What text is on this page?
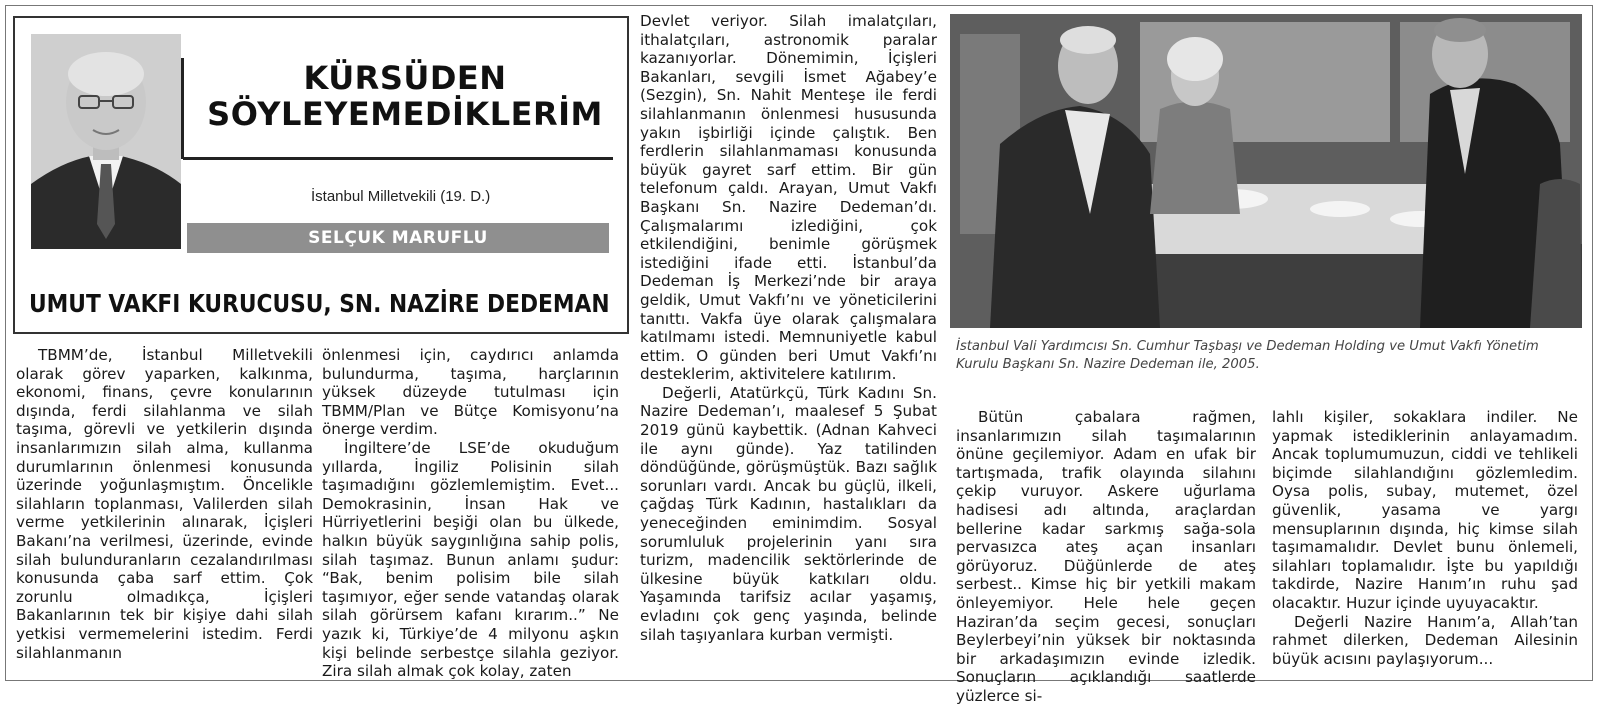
KÜRSÜDEN
SÖYLEYEMEDİKLERİM
İstanbul Milletvekili (19. D.)
SELÇUK MARUFLU
UMUT VAKFI KURUCUSU, SN. NAZİRE DEDEMAN
İstanbul Vali Yardımcısı Sn. Cumhur Taşbaşı ve Dedeman Holding ve Umut Vakfı Yönetim Kurulu Başkanı Sn. Nazire Dedeman ile, 2005.

TBMM’de, İstanbul Milletvekili olarak görev yaparken, kalkınma, ekonomi, finans, çevre konularının dışında, ferdi silahlanma ve silah taşıma, görevli ve yetkilerin dışında insanlarımızın silah alma, kullanma durumlarının önlenmesi konusunda üzerinde yoğunlaşmıştım. Öncelikle silahların toplanması, Valilerden silah verme yetkilerinin alınarak, İçişleri Bakanı’na verilmesi, üzerinde, evinde silah bulunduranların cezalandırılması konusunda çaba sarf ettim. Çok zorunlu olmadıkça, İçişleri Bakanlarının tek bir kişiye dahi silah yetkisi vermemelerini istedim. Ferdi silahlanmanın

önlenmesi için, caydırıcı anlamda bulundurma, taşıma, harçlarının yüksek düzeyde tutulması için TBMM/Plan ve Bütçe Komisyonu’na önerge verdim.

İngiltere’de LSE’de okuduğum yıllarda, İngiliz Polisinin silah taşımadığını gözlemlemiştim. Evet... Demokrasinin, İnsan Hak ve Hürriyetlerini beşiği olan bu ülkede, halkın büyük saygınlığına sahip polis, silah taşımaz. Bunun anlamı şudur: “Bak, benim polisim bile silah taşımıyor, eğer sende vatandaş olarak silah görürsem kafanı kırarım..” Ne yazık ki, Türkiye’de 4 milyonu aşkın kişi belinde serbestçe silahla geziyor. Zira silah almak çok kolay, zaten

Devlet veriyor. Silah imalatçıları, ithalatçıları, astronomik paralar kazanıyorlar. Dönemimin, İçişleri Bakanları, sevgili İsmet Ağabey’e (Sezgin), Sn. Nahit Menteşe ile ferdi silahlanmanın önlenmesi hususunda yakın işbirliği içinde çalıştık. Ben ferdlerin silahlanmaması konusunda büyük gayret sarf ettim. Bir gün telefonum çaldı. Arayan, Umut Vakfı Başkanı Sn. Nazire Dedeman’dı. Çalışmalarımı izlediğini, çok etkilendiğini, benimle görüşmek istediğini ifade etti. İstanbul’da Dedeman İş Merkezi’nde bir araya geldik, Umut Vakfı’nı ve yöneticilerini tanıttı. Vakfa üye olarak çalışmalara katılmamı istedi. Memnuniyetle kabul ettim. O günden beri Umut Vakfı’nı desteklerim, aktivitelere katılırım.

Değerli, Atatürkçü, Türk Kadını Sn. Nazire Dedeman’ı, maalesef 5 Şubat 2019 günü kaybettik. (Adnan Kahveci ile aynı günde). Yaz tatilinden döndüğünde, görüşmüştük. Bazı sağlık sorunları vardı. Ancak bu güçlü, ilkeli, çağdaş Türk Kadının, hastalıkları da yeneceğinden eminimdim. Sosyal sorumluluk projelerinin yanı sıra turizm, madencilik sektörlerinde de ülkesine büyük katkıları oldu. Yaşamında tarifsiz acılar yaşamış, evladını çok genç yaşında, belinde silah taşıyanlara kurban vermişti.

Bütün çabalara rağmen, insanlarımızın silah taşımalarının önüne geçilemiyor. Adam en ufak bir tartışmada, trafik olayında silahını çekip vuruyor. Askere uğurlama hadisesi adı altında, araçlardan bellerine kadar sarkmış sağa-sola pervasızca ateş açan insanları görüyoruz. Düğünlerde de ateş serbest.. Kimse hiç bir yetkili makam önleyemiyor. Hele hele geçen Haziran’da seçim gecesi, sonuçları Beylerbeyi’nin yüksek bir noktasında bir arkadaşımızın evinde izledik. Sonuçların açıklandığı saatlerde yüzlerce si-

lahlı kişiler, sokaklara indiler. Ne yapmak istediklerinin anlayamadım. Ancak toplumumuzun, ciddi ve tehlikeli biçimde silahlandığını gözlemledim. Oysa polis, subay, mutemet, özel güvenlik, yasama ve yargı mensuplarının dışında, hiç kimse silah taşımamalıdır. Devlet bunu önlemeli, silahları toplamalıdır. İşte bu yapıldığı takdirde, Nazire Hanım’ın ruhu şad olacaktır. Huzur içinde uyuyacaktır.

Değerli Nazire Hanım’a, Allah’tan rahmet dilerken, Dedeman Ailesinin büyük acısını paylaşıyorum...
